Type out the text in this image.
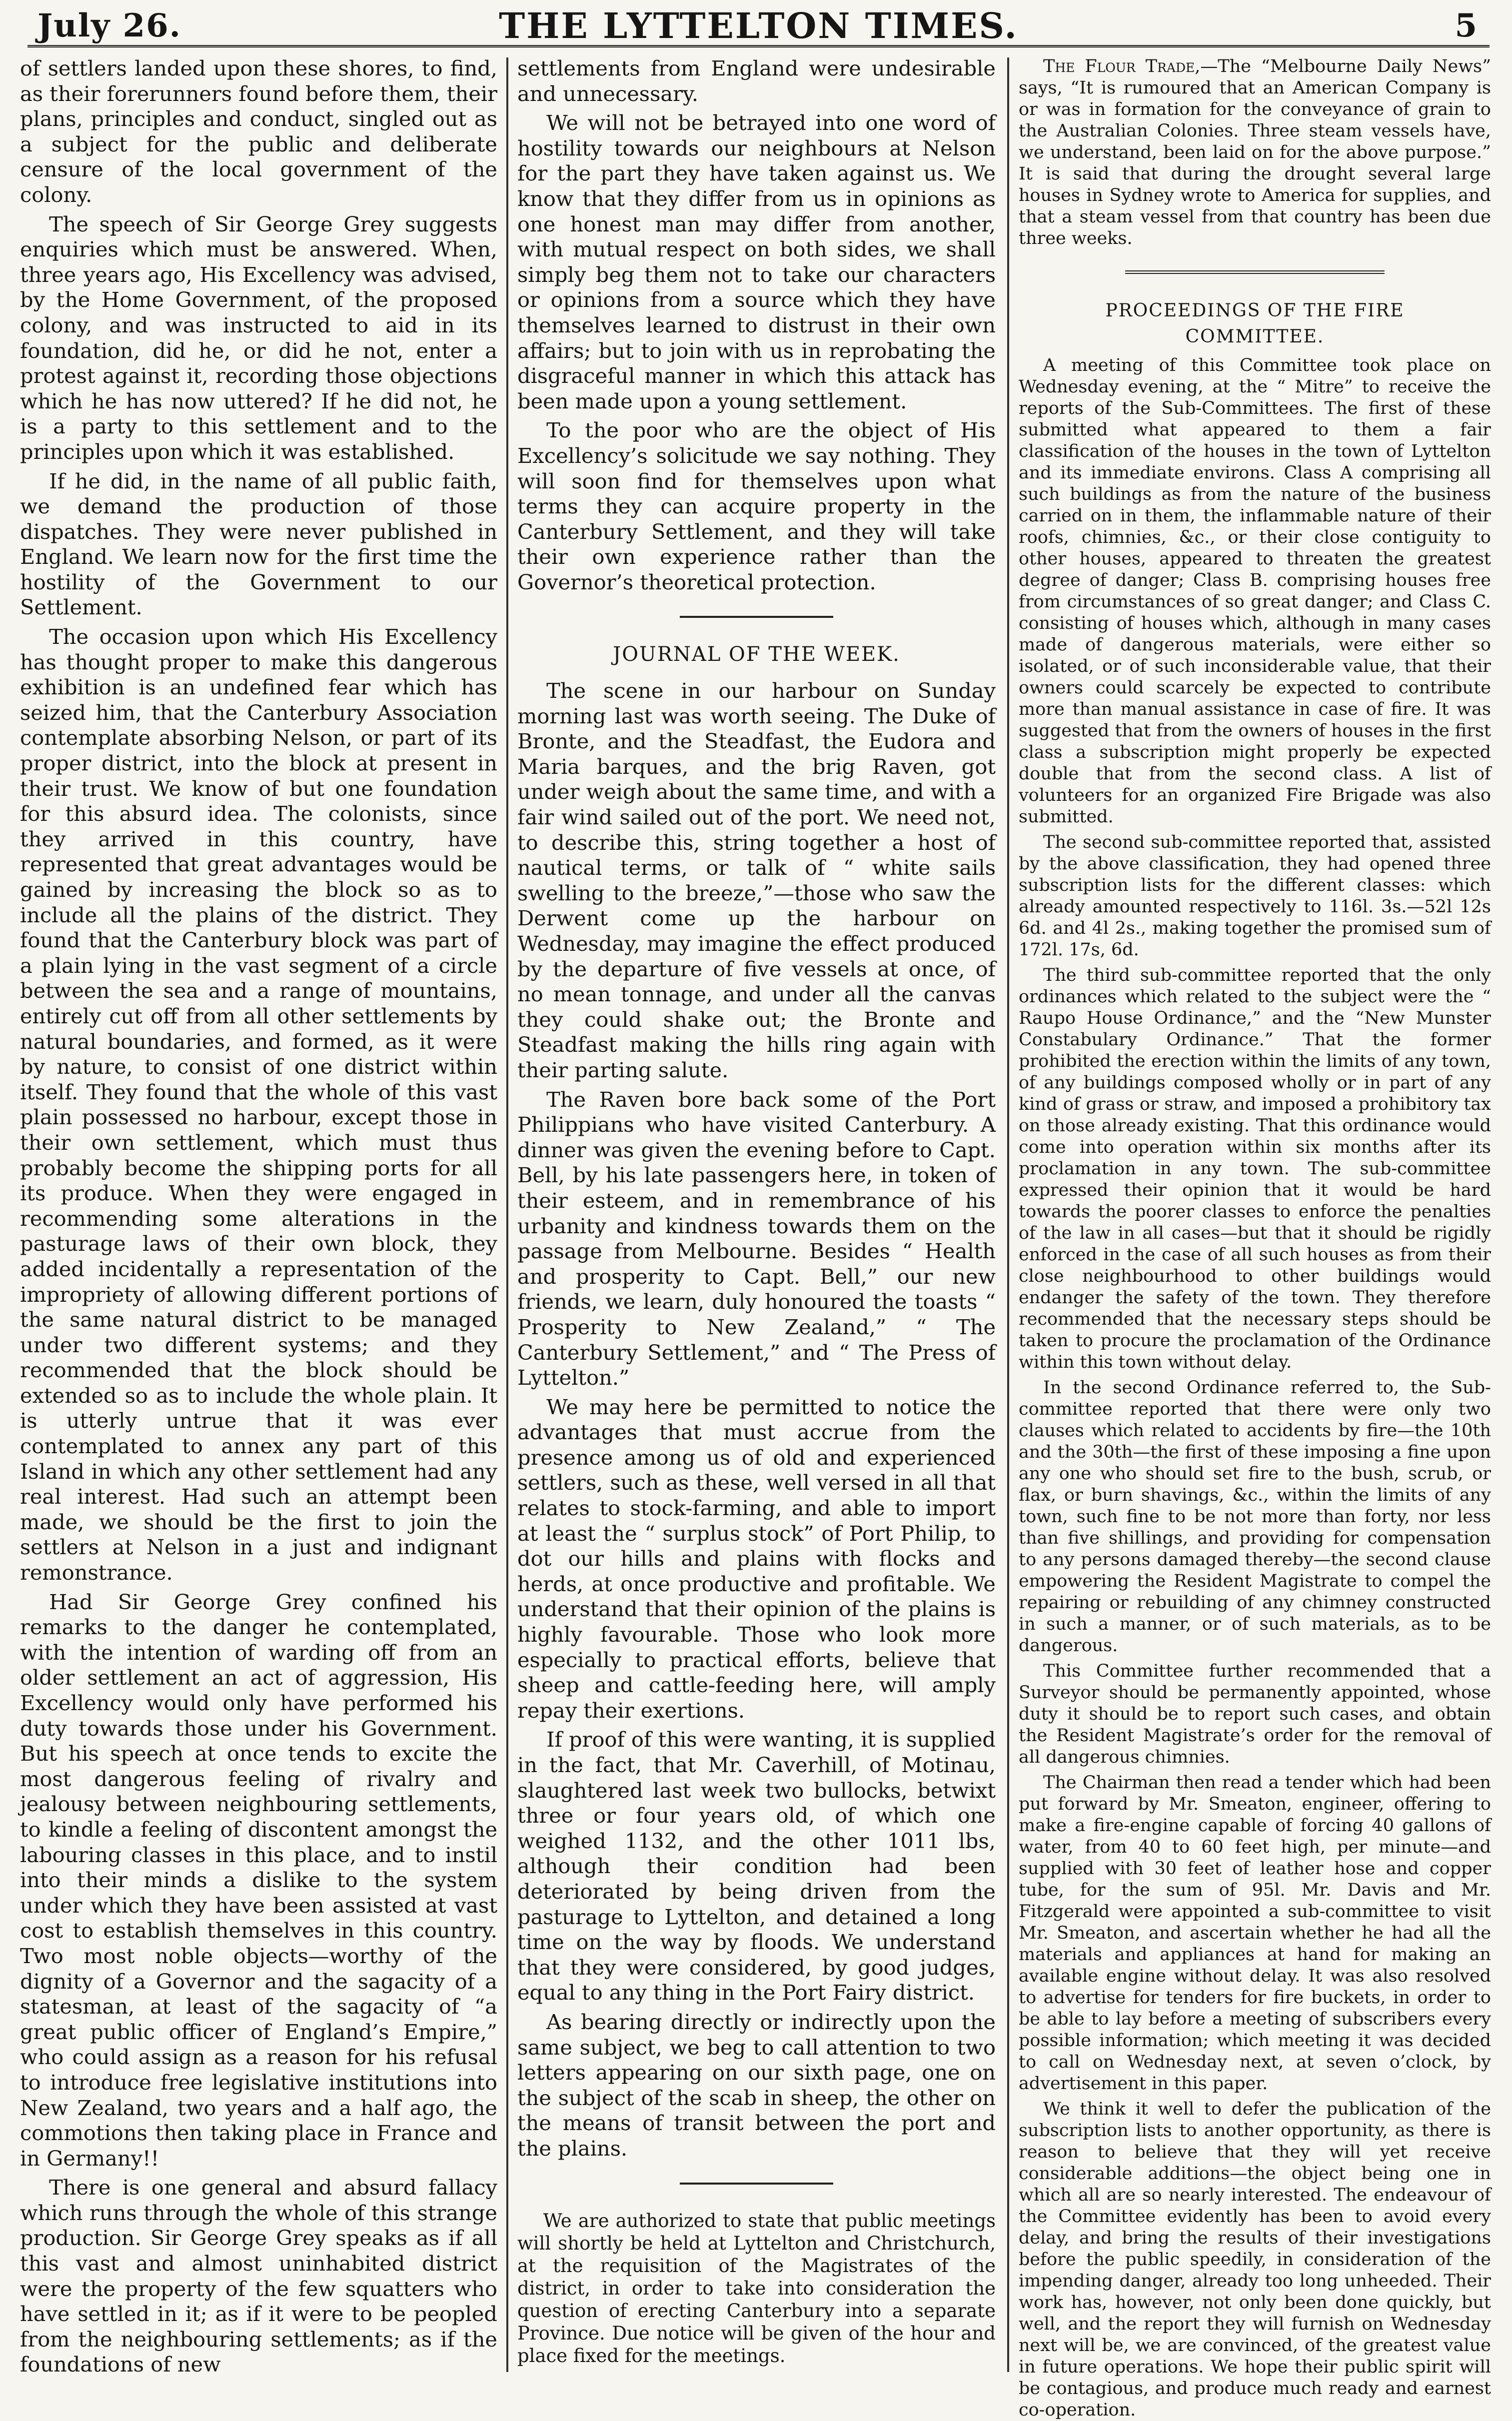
July 26.	THE LYTTELTON TIMES.	5

of settlers landed upon these shores, to find, as their forerunners found before them, their plans, principles and conduct, singled out as a subject for the public and deliberate censure of the local government of the colony.

The speech of Sir George Grey suggests enquiries which must be answered. When, three years ago, His Excellency was advised, by the Home Government, of the proposed colony, and was instructed to aid in its foundation, did he, or did he not, enter a protest against it, recording those objections which he has now uttered? If he did not, he is a party to this settlement and to the principles upon which it was established.

If he did, in the name of all public faith, we demand the production of those dispatches. They were never published in England. We learn now for the first time the hostility of the Government to our Settlement.

The occasion upon which His Excellency has thought proper to make this dangerous exhibition is an undefined fear which has seized him, that the Canterbury Association contemplate absorbing Nelson, or part of its proper district, into the block at present in their trust. We know of but one foundation for this absurd idea. The colonists, since they arrived in this country, have represented that great advantages would be gained by increasing the block so as to include all the plains of the district. They found that the Canterbury block was part of a plain lying in the vast segment of a circle between the sea and a range of mountains, entirely cut off from all other settlements by natural boundaries, and formed, as it were by nature, to consist of one district within itself. They found that the whole of this vast plain possessed no harbour, except those in their own settlement, which must thus probably become the shipping ports for all its produce. When they were engaged in recommending some alterations in the pasturage laws of their own block, they added incidentally a representation of the impropriety of allowing different portions of the same natural district to be managed under two different systems; and they recommended that the block should be extended so as to include the whole plain. It is utterly untrue that it was ever contemplated to annex any part of this Island in which any other settlement had any real interest. Had such an attempt been made, we should be the first to join the settlers at Nelson in a just and indignant remonstrance.

Had Sir George Grey confined his remarks to the danger he contemplated, with the intention of warding off from an older settlement an act of aggression, His Excellency would only have performed his duty towards those under his Government. But his speech at once tends to excite the most dangerous feeling of rivalry and jealousy between neighbouring settlements, to kindle a feeling of discontent amongst the labouring classes in this place, and to instil into their minds a dislike to the system under which they have been assisted at vast cost to establish themselves in this country. Two most noble objects—worthy of the dignity of a Governor and the sagacity of a statesman, at least of the sagacity of “a great public officer of England’s Empire,” who could assign as a reason for his refusal to introduce free legislative institutions into New Zealand, two years and a half ago, the commotions then taking place in France and in Germany!!

There is one general and absurd fallacy which runs through the whole of this strange production. Sir George Grey speaks as if all this vast and almost uninhabited district were the property of the few squatters who have settled in it; as if it were to be peopled from the neighbouring settlements; as if the foundations of new

settlements from England were undesirable and unnecessary.

We will not be betrayed into one word of hostility towards our neighbours at Nelson for the part they have taken against us. We know that they differ from us in opinions as one honest man may differ from another, with mutual respect on both sides, we shall simply beg them not to take our characters or opinions from a source which they have themselves learned to distrust in their own affairs; but to join with us in reprobating the disgraceful manner in which this attack has been made upon a young settlement.

To the poor who are the object of His Excellency’s solicitude we say nothing. They will soon find for themselves upon what terms they can acquire property in the Canterbury Settlement, and they will take their own experience rather than the Governor’s theoretical protection.

JOURNAL OF THE WEEK.

The scene in our harbour on Sunday morning last was worth seeing. The Duke of Bronte, and the Steadfast, the Eudora and Maria barques, and the brig Raven, got under weigh about the same time, and with a fair wind sailed out of the port. We need not, to describe this, string together a host of nautical terms, or talk of “ white sails swelling to the breeze,”—those who saw the Derwent come up the harbour on Wednesday, may imagine the effect produced by the departure of five vessels at once, of no mean tonnage, and under all the canvas they could shake out; the Bronte and Steadfast making the hills ring again with their parting salute.

The Raven bore back some of the Port Philippians who have visited Canterbury. A dinner was given the evening before to Capt. Bell, by his late passengers here, in token of their esteem, and in remembrance of his urbanity and kindness towards them on the passage from Melbourne. Besides “ Health and prosperity to Capt. Bell,” our new friends, we learn, duly honoured the toasts “ Prosperity to New Zealand,” “ The Canterbury Settlement,” and “ The Press of Lyttelton.”

We may here be permitted to notice the advantages that must accrue from the presence among us of old and experienced settlers, such as these, well versed in all that relates to stock-farming, and able to import at least the “ surplus stock” of Port Philip, to dot our hills and plains with flocks and herds, at once productive and profitable. We understand that their opinion of the plains is highly favourable. Those who look more especially to practical efforts, believe that sheep and cattle-feeding here, will amply repay their exertions.

If proof of this were wanting, it is supplied in the fact, that Mr. Caverhill, of Motinau, slaughtered last week two bullocks, betwixt three or four years old, of which one weighed 1132, and the other 1011 lbs, although their condition had been deteriorated by being driven from the pasturage to Lyttelton, and detained a long time on the way by floods. We understand that they were considered, by good judges, equal to any thing in the Port Fairy district.

As bearing directly or indirectly upon the same subject, we beg to call attention to two letters appearing on our sixth page, one on the subject of the scab in sheep, the other on the means of transit between the port and the plains.

We are authorized to state that public meetings will shortly be held at Lyttelton and Christchurch, at the requisition of the Magistrates of the district, in order to take into consideration the question of erecting Canterbury into a separate Province. Due notice will be given of the hour and place fixed for the meetings.

The Flour Trade,—The “Melbourne Daily News” says, “It is rumoured that an American Company is or was in formation for the conveyance of grain to the Australian Colonies. Three steam vessels have, we understand, been laid on for the above purpose.” It is said that during the drought several large houses in Sydney wrote to America for supplies, and that a steam vessel from that country has been due three weeks.

PROCEEDINGS OF THE FIRE COMMITTEE.

A meeting of this Committee took place on Wednesday evening, at the “ Mitre” to receive the reports of the Sub-Committees. The first of these submitted what appeared to them a fair classification of the houses in the town of Lyttelton and its immediate environs. Class A comprising all such buildings as from the nature of the business carried on in them, the inflammable nature of their roofs, chimnies, &c., or their close contiguity to other houses, appeared to threaten the greatest degree of danger; Class B. comprising houses free from circumstances of so great danger; and Class C. consisting of houses which, although in many cases made of dangerous materials, were either so isolated, or of such inconsiderable value, that their owners could scarcely be expected to contribute more than manual assistance in case of fire. It was suggested that from the owners of houses in the first class a subscription might properly be expected double that from the second class. A list of volunteers for an organized Fire Brigade was also submitted.

The second sub-committee reported that, assisted by the above classification, they had opened three subscription lists for the different classes: which already amounted respectively to 116l. 3s.—52l 12s 6d. and 4l 2s., making together the promised sum of 172l. 17s, 6d.

The third sub-committee reported that the only ordinances which related to the subject were the “ Raupo House Ordinance,” and the “New Munster Constabulary Ordinance.” That the former prohibited the erection within the limits of any town, of any buildings composed wholly or in part of any kind of grass or straw, and imposed a prohibitory tax on those already existing. That this ordinance would come into operation within six months after its proclamation in any town. The sub-committee expressed their opinion that it would be hard towards the poorer classes to enforce the penalties of the law in all cases—but that it should be rigidly enforced in the case of all such houses as from their close neighbourhood to other buildings would endanger the safety of the town. They therefore recommended that the necessary steps should be taken to procure the proclamation of the Ordinance within this town without delay.

In the second Ordinance referred to, the Sub-committee reported that there were only two clauses which related to accidents by fire—the 10th and the 30th—the first of these imposing a fine upon any one who should set fire to the bush, scrub, or flax, or burn shavings, &c., within the limits of any town, such fine to be not more than forty, nor less than five shillings, and providing for compensation to any persons damaged thereby—the second clause empowering the Resident Magistrate to compel the repairing or rebuilding of any chimney constructed in such a manner, or of such materials, as to be dangerous.

This Committee further recommended that a Surveyor should be permanently appointed, whose duty it should be to report such cases, and obtain the Resident Magistrate’s order for the removal of all dangerous chimnies.

The Chairman then read a tender which had been put forward by Mr. Smeaton, engineer, offering to make a fire-engine capable of forcing 40 gallons of water, from 40 to 60 feet high, per minute—and supplied with 30 feet of leather hose and copper tube, for the sum of 95l. Mr. Davis and Mr. Fitzgerald were appointed a sub-committee to visit Mr. Smeaton, and ascertain whether he had all the materials and appliances at hand for making an available engine without delay. It was also resolved to advertise for tenders for fire buckets, in order to be able to lay before a meeting of subscribers every possible information; which meeting it was decided to call on Wednesday next, at seven o’clock, by advertisement in this paper.

We think it well to defer the publication of the subscription lists to another opportunity, as there is reason to believe that they will yet receive considerable additions—the object being one in which all are so nearly interested. The endeavour of the Committee evidently has been to avoid every delay, and bring the results of their investigations before the public speedily, in consideration of the impending danger, already too long unheeded. Their work has, however, not only been done quickly, but well, and the report they will furnish on Wednesday next will be, we are convinced, of the greatest value in future operations. We hope their public spirit will be contagious, and produce much ready and earnest co-operation.
